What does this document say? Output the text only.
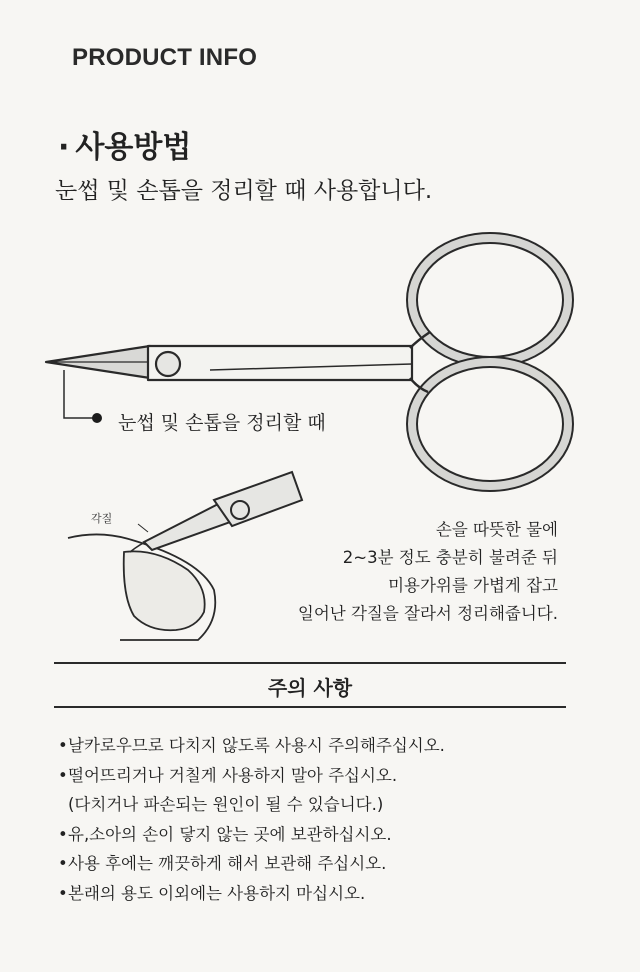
PRODUCT INFO
· 사용방법
눈썹 및 손톱을 정리할 때 사용합니다.
눈썹 및 손톱을 정리할 때
각질
손을 따뜻한 물에
2~3분 정도 충분히 불려준 뒤
미용가위를 가볍게 잡고
일어난 각질을 잘라서 정리해줍니다.
주의 사항
•날카로우므로 다치지 않도록 사용시 주의해주십시오.
•떨어뜨리거나 거칠게 사용하지 말아 주십시오.
(다치거나 파손되는 원인이 될 수 있습니다.)
•유,소아의 손이 닿지 않는 곳에 보관하십시오.
•사용 후에는 깨끗하게 해서 보관해 주십시오.
•본래의 용도 이외에는 사용하지 마십시오.
